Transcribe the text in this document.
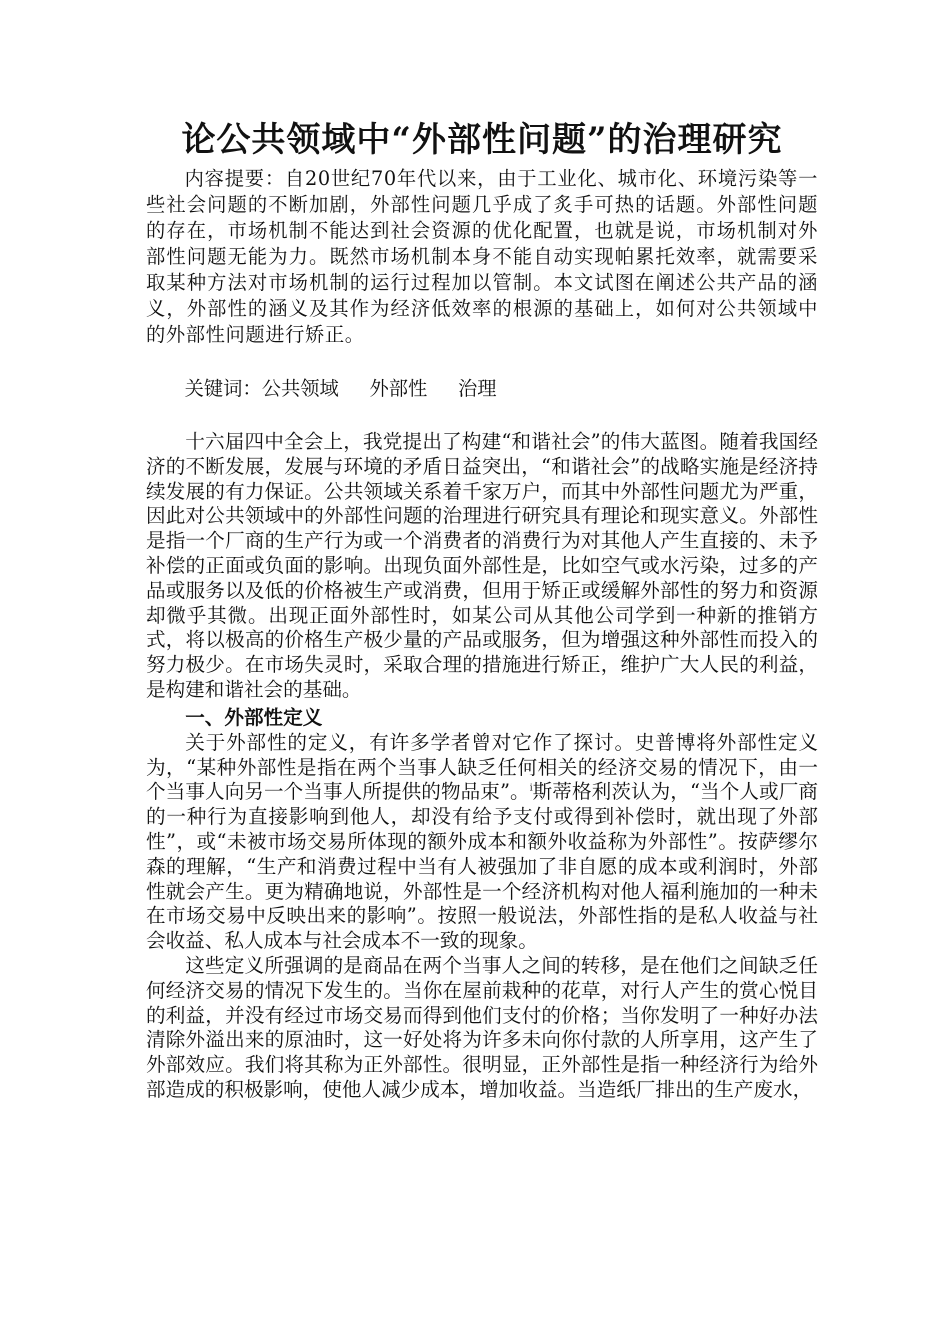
论公共领域中“外部性问题”的治理研究

内容提要：自20世纪70年代以来，由于工业化、城市化、环境污染等一些社会问题的不断加剧，外部性问题几乎成了炙手可热的话题。外部性问题的存在，市场机制不能达到社会资源的优化配置，也就是说，市场机制对外部性问题无能为力。既然市场机制本身不能自动实现帕累托效率，就需要采取某种方法对市场机制的运行过程加以管制。本文试图在阐述公共产品的涵义，外部性的涵义及其作为经济低效率的根源的基础上，如何对公共领域中的外部性问题进行矫正。

关键词：公共领域 外部性 治理

十六届四中全会上，我党提出了构建“和谐社会”的伟大蓝图。随着我国经济的不断发展，发展与环境的矛盾日益突出，“和谐社会”的战略实施是经济持续发展的有力保证。公共领域关系着千家万户，而其中外部性问题尤为严重，因此对公共领域中的外部性问题的治理进行研究具有理论和现实意义。外部性是指一个厂商的生产行为或一个消费者的消费行为对其他人产生直接的、未予补偿的正面或负面的影响。出现负面外部性是，比如空气或水污染，过多的产品或服务以及低的价格被生产或消费，但用于矫正或缓解外部性的努力和资源却微乎其微。出现正面外部性时，如某公司从其他公司学到一种新的推销方式，将以极高的价格生产极少量的产品或服务，但为增强这种外部性而投入的努力极少。在市场失灵时，采取合理的措施进行矫正，维护广大人民的利益，是构建和谐社会的基础。

一、外部性定义

关于外部性的定义，有许多学者曾对它作了探讨。史普博将外部性定义为，“某种外部性是指在两个当事人缺乏任何相关的经济交易的情况下，由一个当事人向另一个当事人所提供的物品束”。$^i$斯蒂格利茨认为，“当个人或厂商的一种行为直接影响到他人，却没有给予支付或得到补偿时，就出现了外部性”，或“未被市场交易所体现的额外成本和额外收益称为外部性”。按萨缪尔森的理解，“生产和消费过程中当有人被强加了非自愿的成本或利润时，外部性就会产生。更为精确地说，外部性是一个经济机构对他人福利施加的一种未在市场交易中反映出来的影响”。按照一般说法，外部性指的是私人收益与社会收益、私人成本与社会成本不一致的现象。

这些定义所强调的是商品在两个当事人之间的转移，是在他们之间缺乏任何经济交易的情况下发生的。当你在屋前栽种的花草，对行人产生的赏心悦目的利益，并没有经过市场交易而得到他们支付的价格；当你发明了一种好办法清除外溢出来的原油时，这一好处将为许多未向你付款的人所享用，这产生了外部效应。我们将其称为正外部性。很明显，正外部性是指一种经济行为给外部造成的积极影响，使他人减少成本，增加收益。当造纸厂排出的生产废水，
